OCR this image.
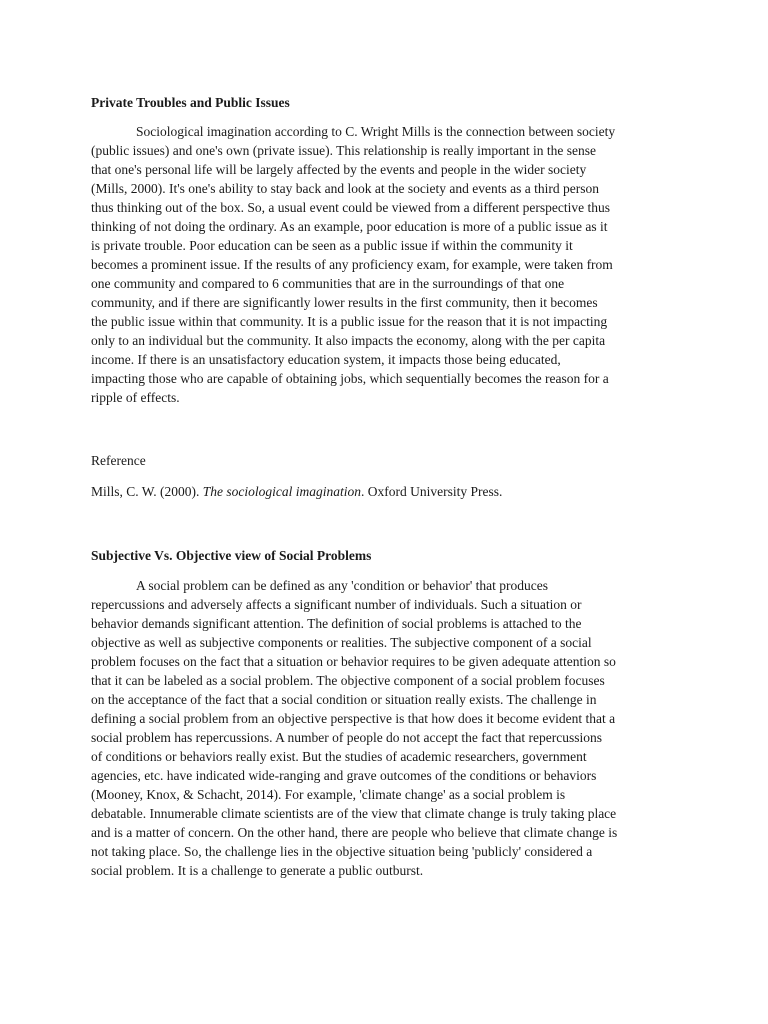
Private Troubles and Public Issues
Sociological imagination according to C. Wright Mills is the connection between society
(public issues) and one's own (private issue). This relationship is really important in the sense
that one's personal life will be largely affected by the events and people in the wider society
(Mills, 2000). It's one's ability to stay back and look at the society and events as a third person
thus thinking out of the box. So, a usual event could be viewed from a different perspective thus
thinking of not doing the ordinary. As an example, poor education is more of a public issue as it
is private trouble. Poor education can be seen as a public issue if within the community it
becomes a prominent issue. If the results of any proficiency exam, for example, were taken from
one community and compared to 6 communities that are in the surroundings of that one
community, and if there are significantly lower results in the first community, then it becomes
the public issue within that community. It is a public issue for the reason that it is not impacting
only to an individual but the community. It also impacts the economy, along with the per capita
income. If there is an unsatisfactory education system, it impacts those being educated,
impacting those who are capable of obtaining jobs, which sequentially becomes the reason for a
ripple of effects.
Reference
Mills, C. W. (2000). The sociological imagination. Oxford University Press.
Subjective Vs. Objective view of Social Problems
A social problem can be defined as any 'condition or behavior' that produces
repercussions and adversely affects a significant number of individuals. Such a situation or
behavior demands significant attention. The definition of social problems is attached to the
objective as well as subjective components or realities. The subjective component of a social
problem focuses on the fact that a situation or behavior requires to be given adequate attention so
that it can be labeled as a social problem. The objective component of a social problem focuses
on the acceptance of the fact that a social condition or situation really exists. The challenge in
defining a social problem from an objective perspective is that how does it become evident that a
social problem has repercussions. A number of people do not accept the fact that repercussions
of conditions or behaviors really exist. But the studies of academic researchers, government
agencies, etc. have indicated wide-ranging and grave outcomes of the conditions or behaviors
(Mooney, Knox, & Schacht, 2014). For example, 'climate change' as a social problem is
debatable. Innumerable climate scientists are of the view that climate change is truly taking place
and is a matter of concern. On the other hand, there are people who believe that climate change is
not taking place. So, the challenge lies in the objective situation being 'publicly' considered a
social problem. It is a challenge to generate a public outburst.
